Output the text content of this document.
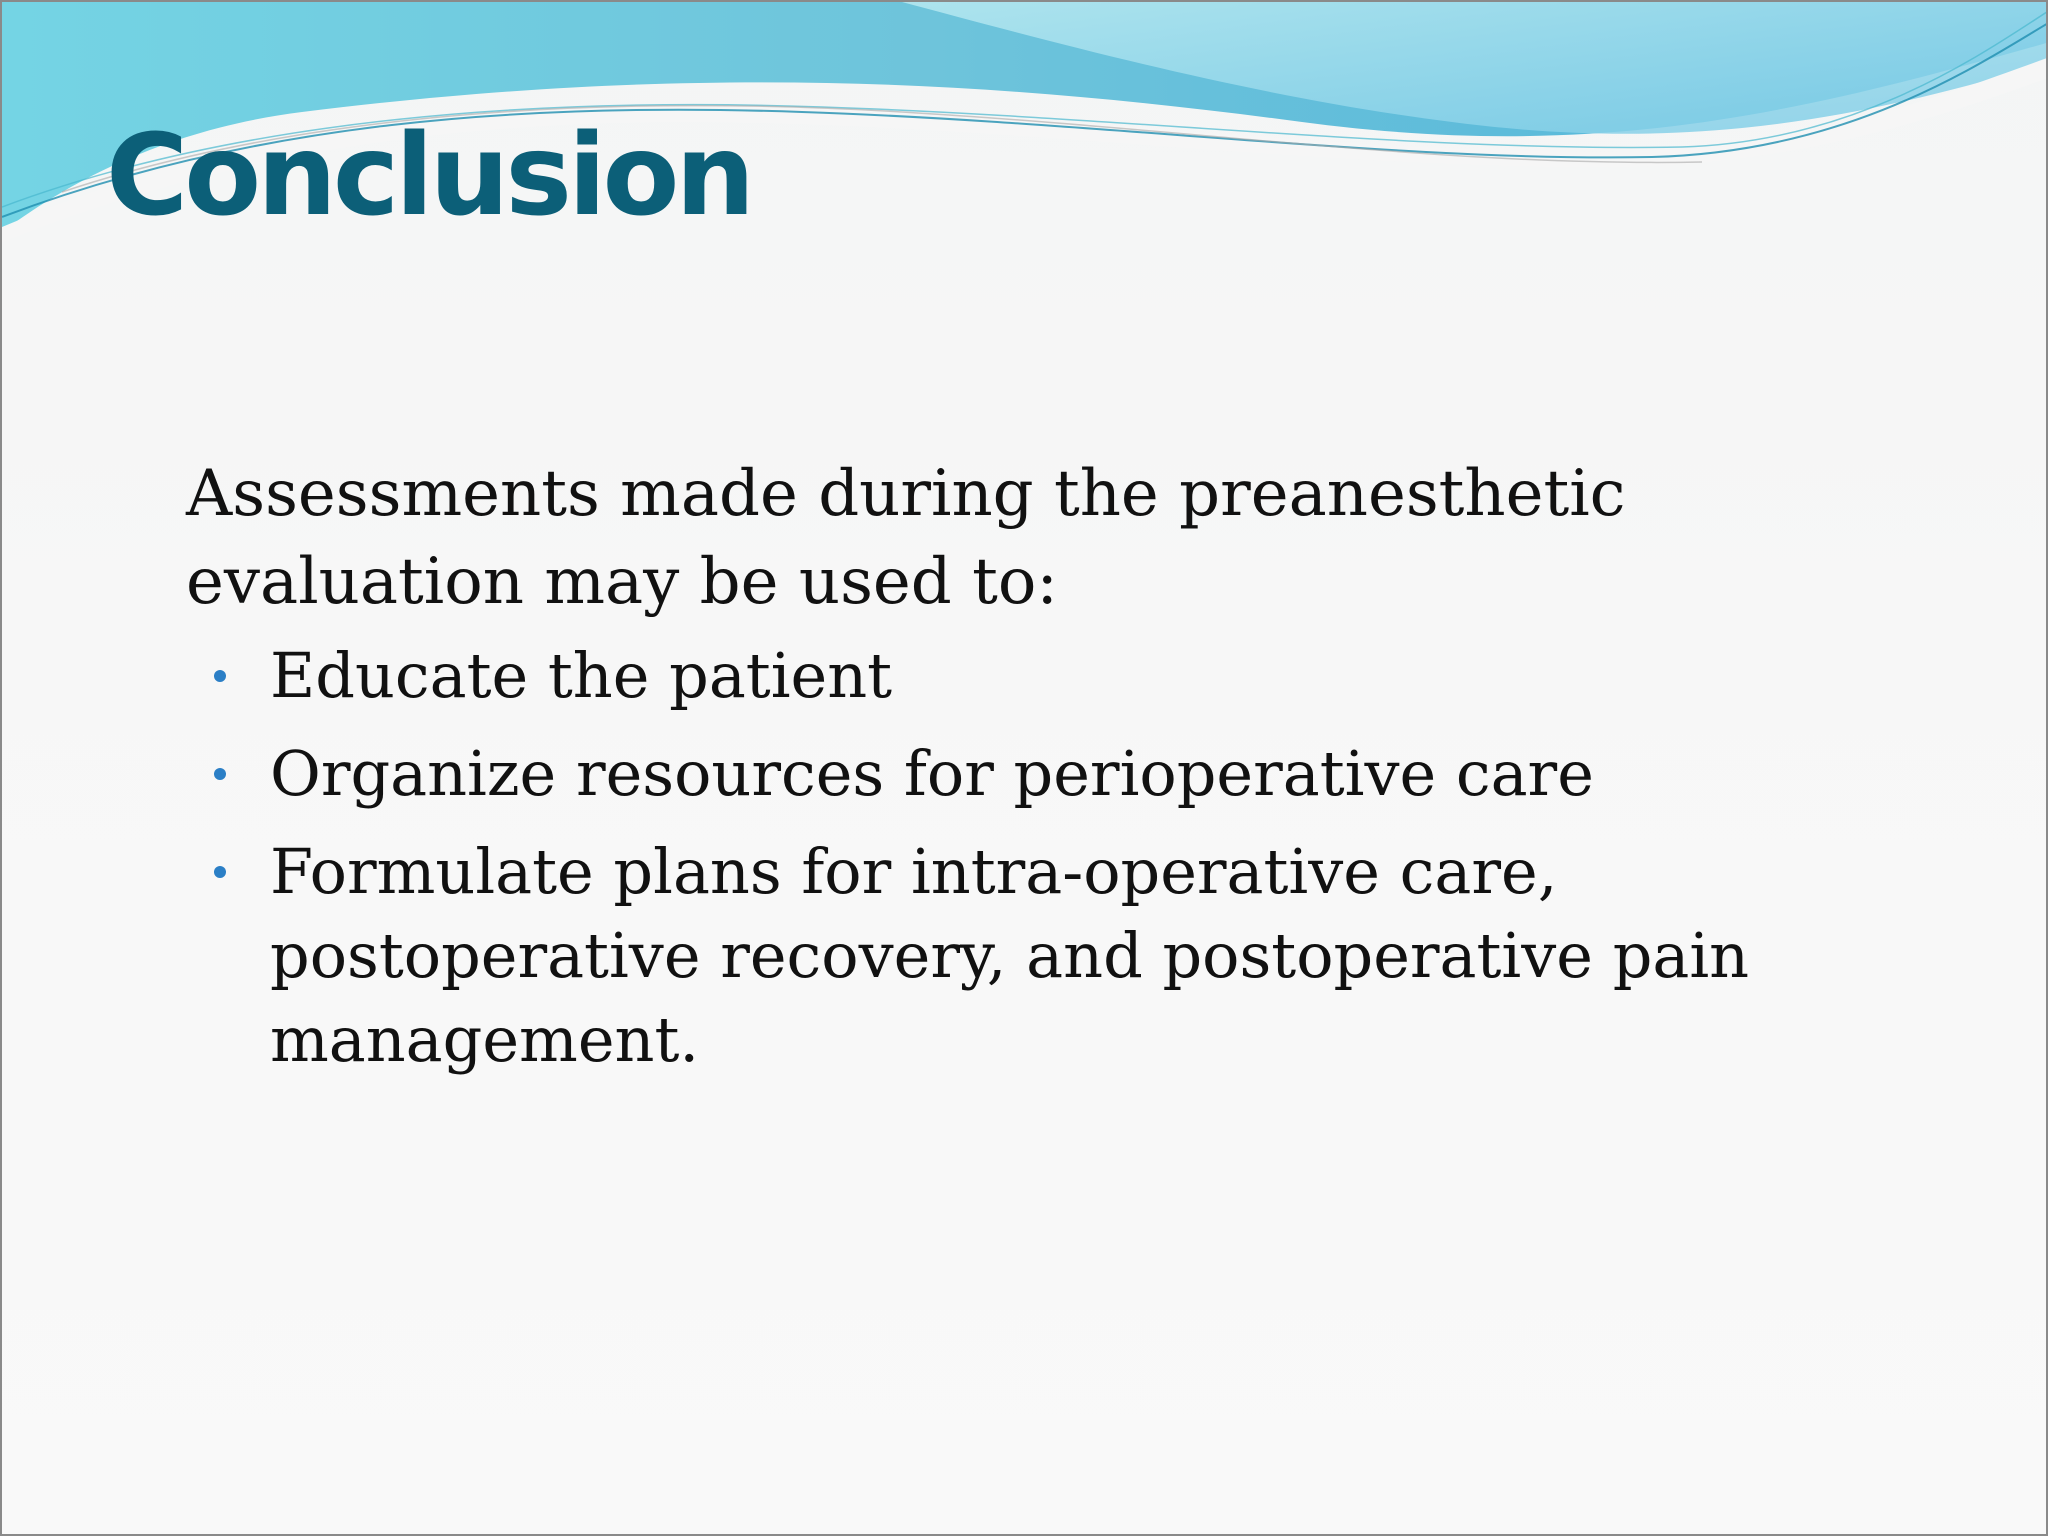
Conclusion

Assessments made during the preanesthetic evaluation may be used to:

Educate the patient
Organize resources for perioperative care
Formulate plans for intra-operative care, postoperative recovery, and postoperative pain management.
